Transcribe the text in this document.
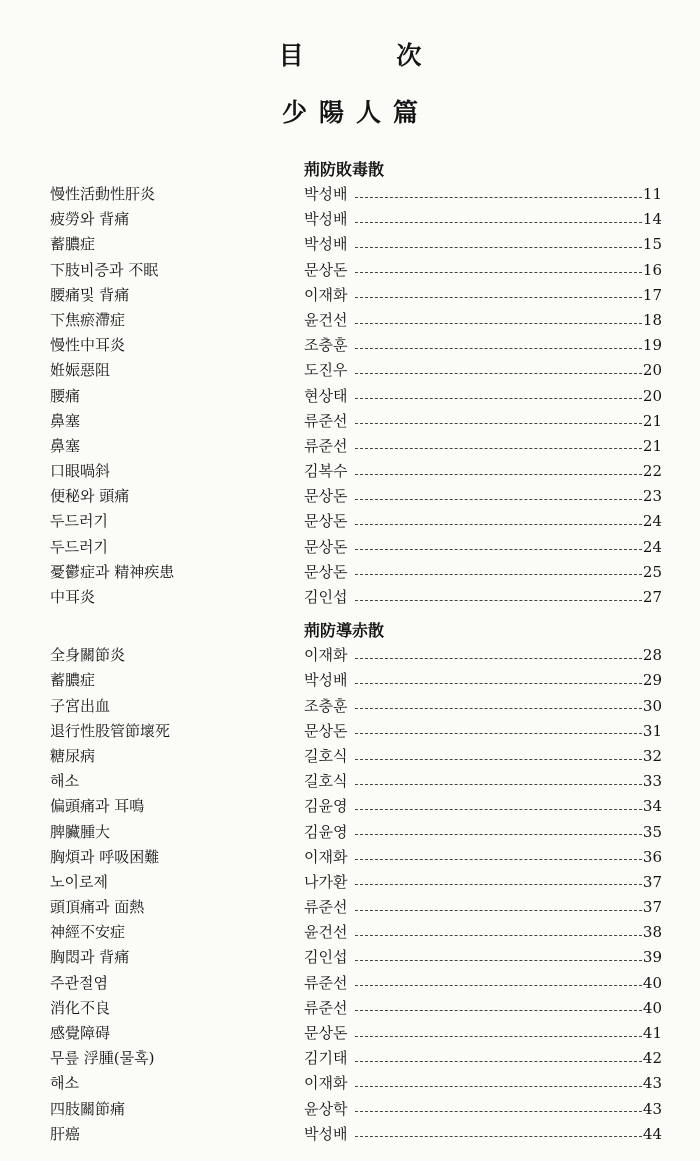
目 次
少陽人篇
荊防敗毒散
慢性活動性肝炎	박성배	11
疲勞와 背痛	박성배	14
蓄膿症	박성배	15
下肢비증과 不眠	문상돈	16
腰痛및 背痛	이재화	17
下焦瘀滯症	윤건선	18
慢性中耳炎	조충훈	19
姙娠惡阻	도진우	20
腰痛	현상태	20
鼻塞	류준선	21
鼻塞	류준선	21
口眼喎斜	김복수	22
便秘와 頭痛	문상돈	23
두드러기	문상돈	24
두드러기	문상돈	24
憂鬱症과 精神疾患	문상돈	25
中耳炎	김인섭	27
荊防導赤散
全身關節炎	이재화	28
蓄膿症	박성배	29
子宮出血	조충훈	30
退行性股管節壞死	문상돈	31
糖尿病	길호식	32
해소	길호식	33
偏頭痛과 耳鳴	김윤영	34
脾臟腫大	김윤영	35
胸煩과 呼吸困難	이재화	36
노이로제	나가환	37
頭頂痛과 面熱	류준선	37
神經不安症	윤건선	38
胸悶과 背痛	김인섭	39
주관절염	류준선	40
消化不良	류준선	40
感覺障碍	문상돈	41
무릎 浮腫(물혹)	김기태	42
해소	이재화	43
四肢關節痛	윤상학	43
肝癌	박성배	44
